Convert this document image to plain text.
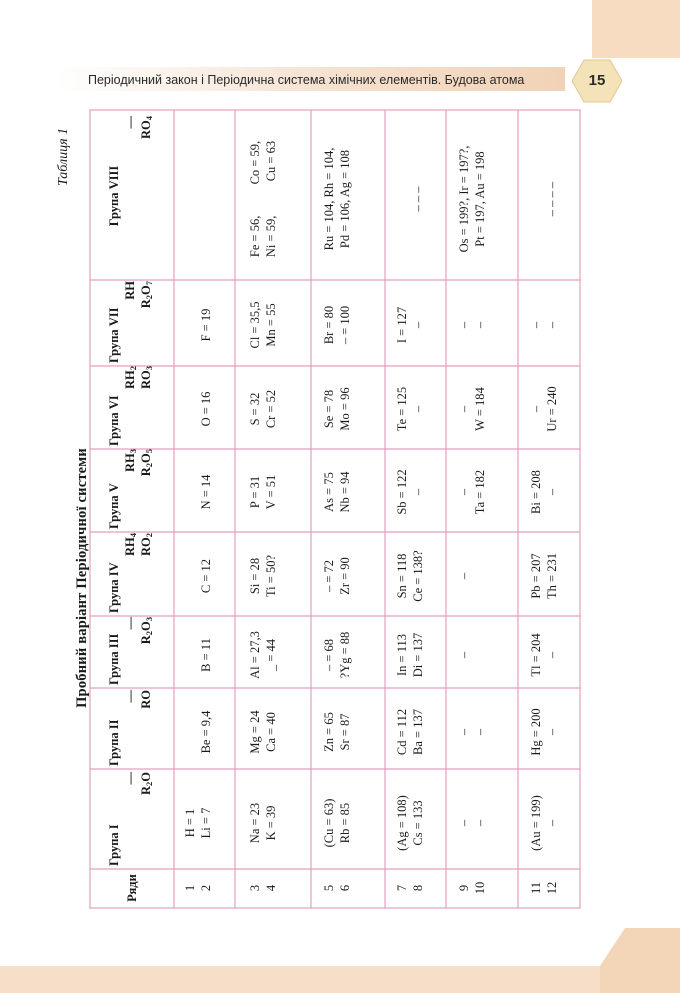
Періодичний закон і Періодична система хімічних елементів. Будова атома	15
Таблиця 1
Пробний варіант Періодичної системи
Ряди
Група І
—
$R_2O$
Група ІІ
— RO
Група ІІІ
—
$R_2O_3$
Група ІV
$RH_4$
$RO_2$
Група V
$RH_3$
$R_2O_5$
Група VІ
$RH_2$
$RO_3$
Група VІІ
RH
$R_2O_7$
Група VІІІ
— $RO_4$
1 2
H = 1 Li = 7
Be = 9,4
B = 11
C = 12
N = 14
O = 16
F = 19
3 4
Na = 23 K = 39
Mg = 24 Ca = 40
Al = 27,3 _ = 44
Si = 28 Ti = 50?
P = 31 V = 51
S = 32 Cr = 52
Cl = 35,5 Mn = 55
Fe = 56,          Co = 59, Ni = 59,           Cu = 63
5 6
(Cu = 63) Rb = 85
Zn = 65 Sr = 87
– = 68 ?Yg = 88
– = 72 Zr = 90
As = 75 Nb = 94
Se = 78 Mo = 96
Br = 80 – = 100
Ru = 104, Rh = 104, Pd = 106, Ag = 108
7 8
(Ag = 108) Cs = 133
Cd = 112 Ba = 137
In = 113 Di = 137
Sn = 118 Ce = 138?
Sb = 122 –
Te = 125 –
I = 127 –
– – –
9 10
– –
– –
–
–
– Ta = 182
– W = 184
– –
Os = 199?, Ir = 197?, Pt = 197, Au = 198
11 12
(Au = 199) –
Hg = 200 –
Tl = 204 –
Pb = 207 Th = 231
Bi = 208 –
– Ur = 240
– –
– – – –
